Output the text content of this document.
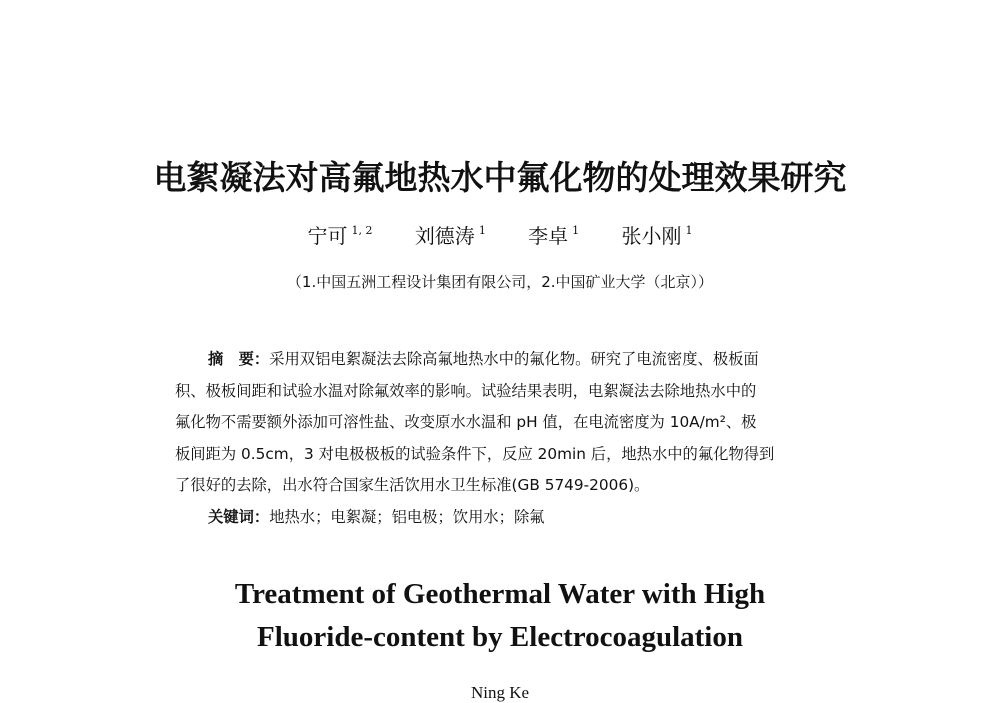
电絮凝法对高氟地热水中氟化物的处理效果研究
宁可 $^{1, 2}$ 刘德涛 $^1$ 李卓 $^1$ 张小刚 $^1$
（1.中国五洲工程设计集团有限公司，2.中国矿业大学（北京））
摘　要：采用双铝电絮凝法去除高氟地热水中的氟化物。研究了电流密度、极板面
积、极板间距和试验水温对除氟效率的影响。试验结果表明，电絮凝法去除地热水中的
氟化物不需要额外添加可溶性盐、改变原水水温和 pH 值，在电流密度为 10A/m²、极
板间距为 0.5cm，3 对电极极板的试验条件下，反应 20min 后，地热水中的氟化物得到
了很好的去除，出水符合国家生活饮用水卫生标准(GB 5749-2006)。
关键词：地热水；电絮凝；铝电极；饮用水；除氟
Treatment of Geothermal Water with High
Fluoride-content by Electrocoagulation
Ning Ke
